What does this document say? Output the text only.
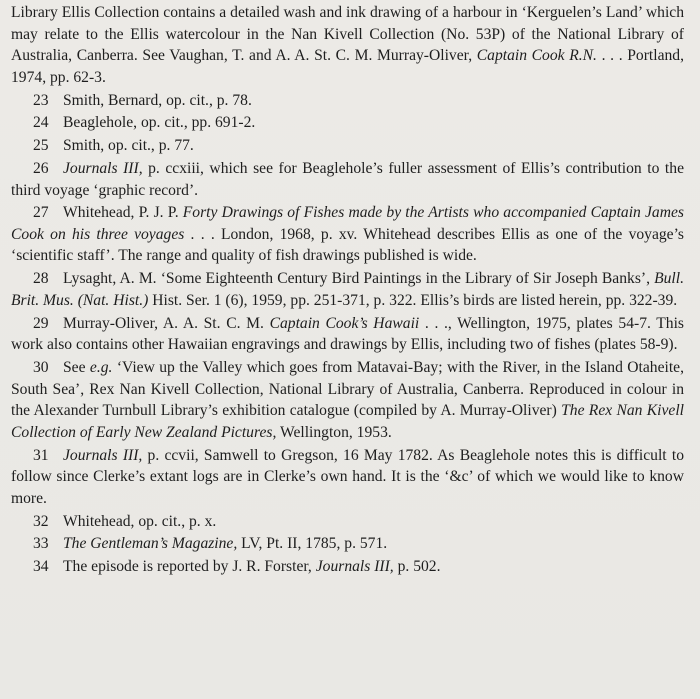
Library Ellis Collection contains a detailed wash and ink drawing of a harbour in ‘Kerguelen’s Land’ which may relate to the Ellis watercolour in the Nan Kivell Collection (No. 53P) of the National Library of Australia, Canberra. See Vaughan, T. and A. A. St. C. M. Murray-Oliver, Captain Cook R.N. . . . Portland, 1974, pp. 62-3.

23 Smith, Bernard, op. cit., p. 78.

24 Beaglehole, op. cit., pp. 691-2.

25 Smith, op. cit., p. 77.

26 Journals III, p. ccxiii, which see for Beaglehole’s fuller assessment of Ellis’s contribution to the third voyage ‘graphic record’.

27 Whitehead, P. J. P. Forty Drawings of Fishes made by the Artists who accompanied Captain James Cook on his three voyages . . . London, 1968, p. xv. Whitehead describes Ellis as one of the voyage’s ‘scientific staff’. The range and quality of fish drawings published is wide.

28 Lysaght, A. M. ‘Some Eighteenth Century Bird Paintings in the Library of Sir Joseph Banks’, Bull. Brit. Mus. (Nat. Hist.) Hist. Ser. 1 (6), 1959, pp. 251-371, p. 322. Ellis’s birds are listed herein, pp. 322-39.

29 Murray-Oliver, A. A. St. C. M. Captain Cook’s Hawaii . . ., Wellington, 1975, plates 54-7. This work also contains other Hawaiian engravings and drawings by Ellis, including two of fishes (plates 58-9).

30 See e.g. ‘View up the Valley which goes from Matavai-Bay; with the River, in the Island Otaheite, South Sea’, Rex Nan Kivell Collection, National Library of Australia, Canberra. Reproduced in colour in the Alexander Turnbull Library’s exhibition catalogue (compiled by A. Murray-Oliver) The Rex Nan Kivell Collection of Early New Zealand Pictures, Wellington, 1953.

31 Journals III, p. ccvii, Samwell to Gregson, 16 May 1782. As Beaglehole notes this is difficult to follow since Clerke’s extant logs are in Clerke’s own hand. It is the ‘&c’ of which we would like to know more.

32 Whitehead, op. cit., p. x.

33 The Gentleman’s Magazine, LV, Pt. II, 1785, p. 571.

34 The episode is reported by J. R. Forster, Journals III, p. 502.
